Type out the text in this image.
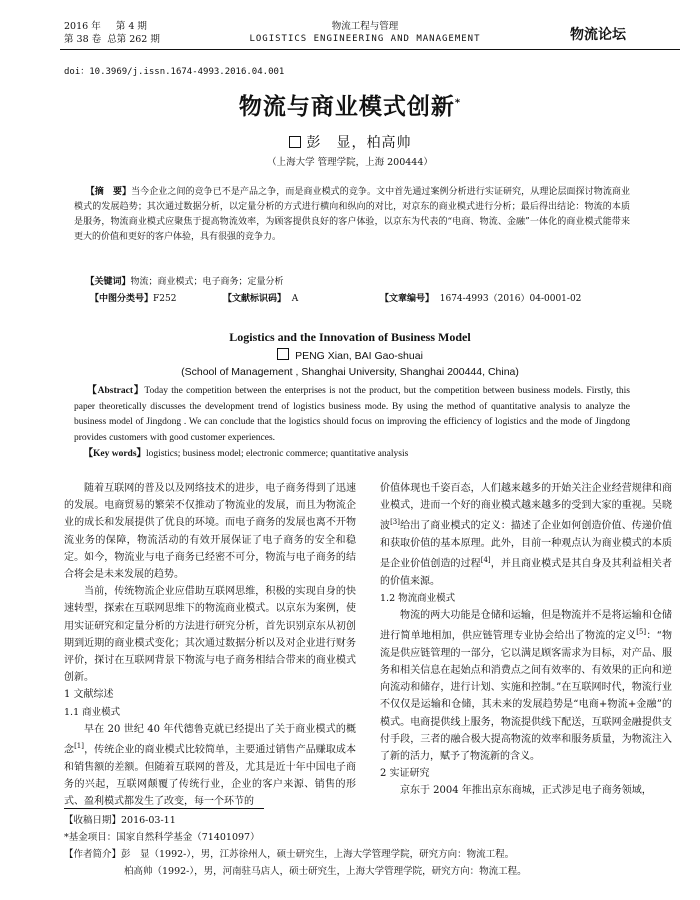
2016 年 第 4 期
第 38 卷 总第 262 期
物流工程与管理
LOGISTICS ENGINEERING AND MANAGEMENT	物流论坛
doi：10.3969/j.issn.1674-4993.2016.04.001
物流与商业模式创新*
彭　显，柏高帅
（上海大学 管理学院，上海 200444）
【摘　要】当今企业之间的竞争已不是产品之争，而是商业模式的竞争。文中首先通过案例分析进行实证研究，从理论层面探讨物流商业模式的发展趋势；其次通过数据分析，以定量分析的方式进行横向和纵向的对比，对京东的商业模式进行分析；最后得出结论：物流的本质是服务，物流商业模式应聚焦于提高物流效率，为顾客提供良好的客户体验，以京东为代表的“电商、物流、金融”一体化的商业模式能带来更大的价值和更好的客户体验，具有很强的竞争力。
【关键词】物流；商业模式；电子商务；定量分析
【中图分类号】F252	【文献标识码】 A	【文章编号】 1674-4993（2016）04-0001-02
Logistics and the Innovation of Business Model
PENG Xian, BAI Gao-shuai
(School of Management , Shanghai University, Shanghai 200444, China)
【Abstract】Today the competition between the enterprises is not the product, but the competition between business models. Firstly, this paper theoretically discusses the development trend of logistics business mode. By using the method of quantitative analysis to analyze the business model of Jingdong . We can conclude that the logistics should focus on improving the efficiency of logistics and the mode of Jingdong provides customers with good customer experiences.
【Key words】logistics; business model; electronic commerce; quantitative analysis

随着互联网的普及以及网络技术的进步，电子商务得到了迅速的发展。电商贸易的繁荣不仅推动了物流业的发展，而且为物流企业的成长和发展提供了优良的环境。而电子商务的发展也离不开物流业务的保障，物流活动的有效开展保证了电子商务的安全和稳定。如今，物流业与电子商务已经密不可分，物流与电子商务的结合将会是未来发展的趋势。

当前，传统物流企业应借助互联网思维，积极的实现自身的快速转型，探索在互联网思维下的物流商业模式。以京东为案例，使用实证研究和定量分析的方法进行研究分析，首先识别京东从初创期到近期的商业模式变化；其次通过数据分析以及对企业进行财务评价，探讨在互联网背景下物流与电子商务相结合带来的商业模式创新。

1 文献综述

1.1 商业模式

早在 20 世纪 40 年代德鲁克就已经提出了关于商业模式的概念[1]，传统企业的商业模式比较简单，主要通过销售产品赚取成本和销售额的差额。但随着互联网的普及，尤其是近十年中国电子商务的兴起，互联网颠覆了传统行业，企业的客户来源、销售的形式、盈利模式都发生了改变，每一个环节的

价值体现也千姿百态，人们越来越多的开始关注企业经营规律和商业模式，进而一个好的商业模式越来越多的受到大家的重视。吴晓波[3]给出了商业模式的定义：描述了企业如何创造价值、传递价值和获取价值的基本原理。此外，目前一种观点认为商业模式的本质是企业价值创造的过程[4]，并且商业模式是其自身及其利益相关者的价值来源。

1.2 物流商业模式

物流的两大功能是仓储和运输，但是物流并不是将运输和仓储进行简单地相加，供应链管理专业协会给出了物流的定义[5]：“物流是供应链管理的一部分，它以满足顾客需求为目标，对产品、服务和相关信息在起始点和消费点之间有效率的、有效果的正向和逆向流动和储存，进行计划、实施和控制。”在互联网时代，物流行业不仅仅是运输和仓储，其未来的发展趋势是“电商+物流+金融”的模式。电商提供线上服务，物流提供线下配送，互联网金融提供支付手段，三者的融合极大提高物流的效率和服务质量，为物流注入了新的活力，赋予了物流新的含义。

2 实证研究

京东于 2004 年推出京东商城，正式涉足电子商务领域，

【收稿日期】2016-03-11
*基金项目：国家自然科学基金（71401097）
【作者简介】彭　显（1992-），男，江苏徐州人，硕士研究生，上海大学管理学院，研究方向：物流工程。
柏高帅（1992-），男，河南驻马店人，硕士研究生，上海大学管理学院，研究方向：物流工程。
